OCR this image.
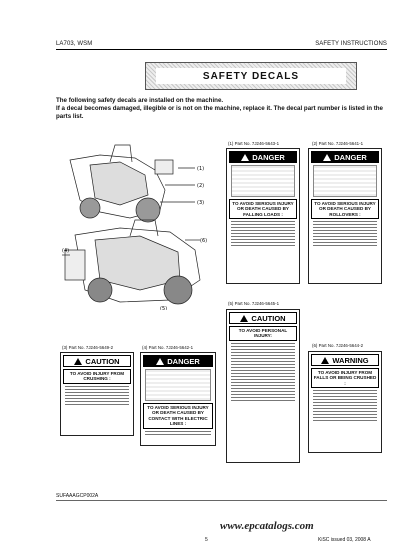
LA703, WSM	SAFETY INSTRUCTIONS
SAFETY DECALS
The following safety decals are installed on the machine.
If a decal becomes damaged, illegible or is not on the machine, replace it. The decal part number is listed in the parts list.
(1)
(2)
(3)
(6)
(4)
(5)
(1) Part No. 7J246-5643-1
DANGER
TO AVOID SERIOUS INJURY OR DEATH CAUSED BY FALLING LOADS :
(2) Part No. 7J246-5641-1
DANGER
TO AVOID SERIOUS INJURY OR DEATH CAUSED BY ROLLOVERS :
(5) Part No. 7J246-5645-1
CAUTION
TO AVOID PERSONAL INJURY:
(3) Part No. 7J246-5649-2
CAUTION
TO AVOID INJURY FROM CRUSHING :
(4) Part No. 7J246-5642-1
DANGER
TO AVOID SERIOUS INJURY OR DEATH CAUSED BY CONTACT WITH ELECTRIC LINES :
(6) Part No. 7J246-5644-2
WARNING
TO AVOID INJURY FROM FALLS OR BEING CRUSHED :
SUFAAAGCP002A
5
www.epcatalogs.com
KiSC issued 03, 2008 A
